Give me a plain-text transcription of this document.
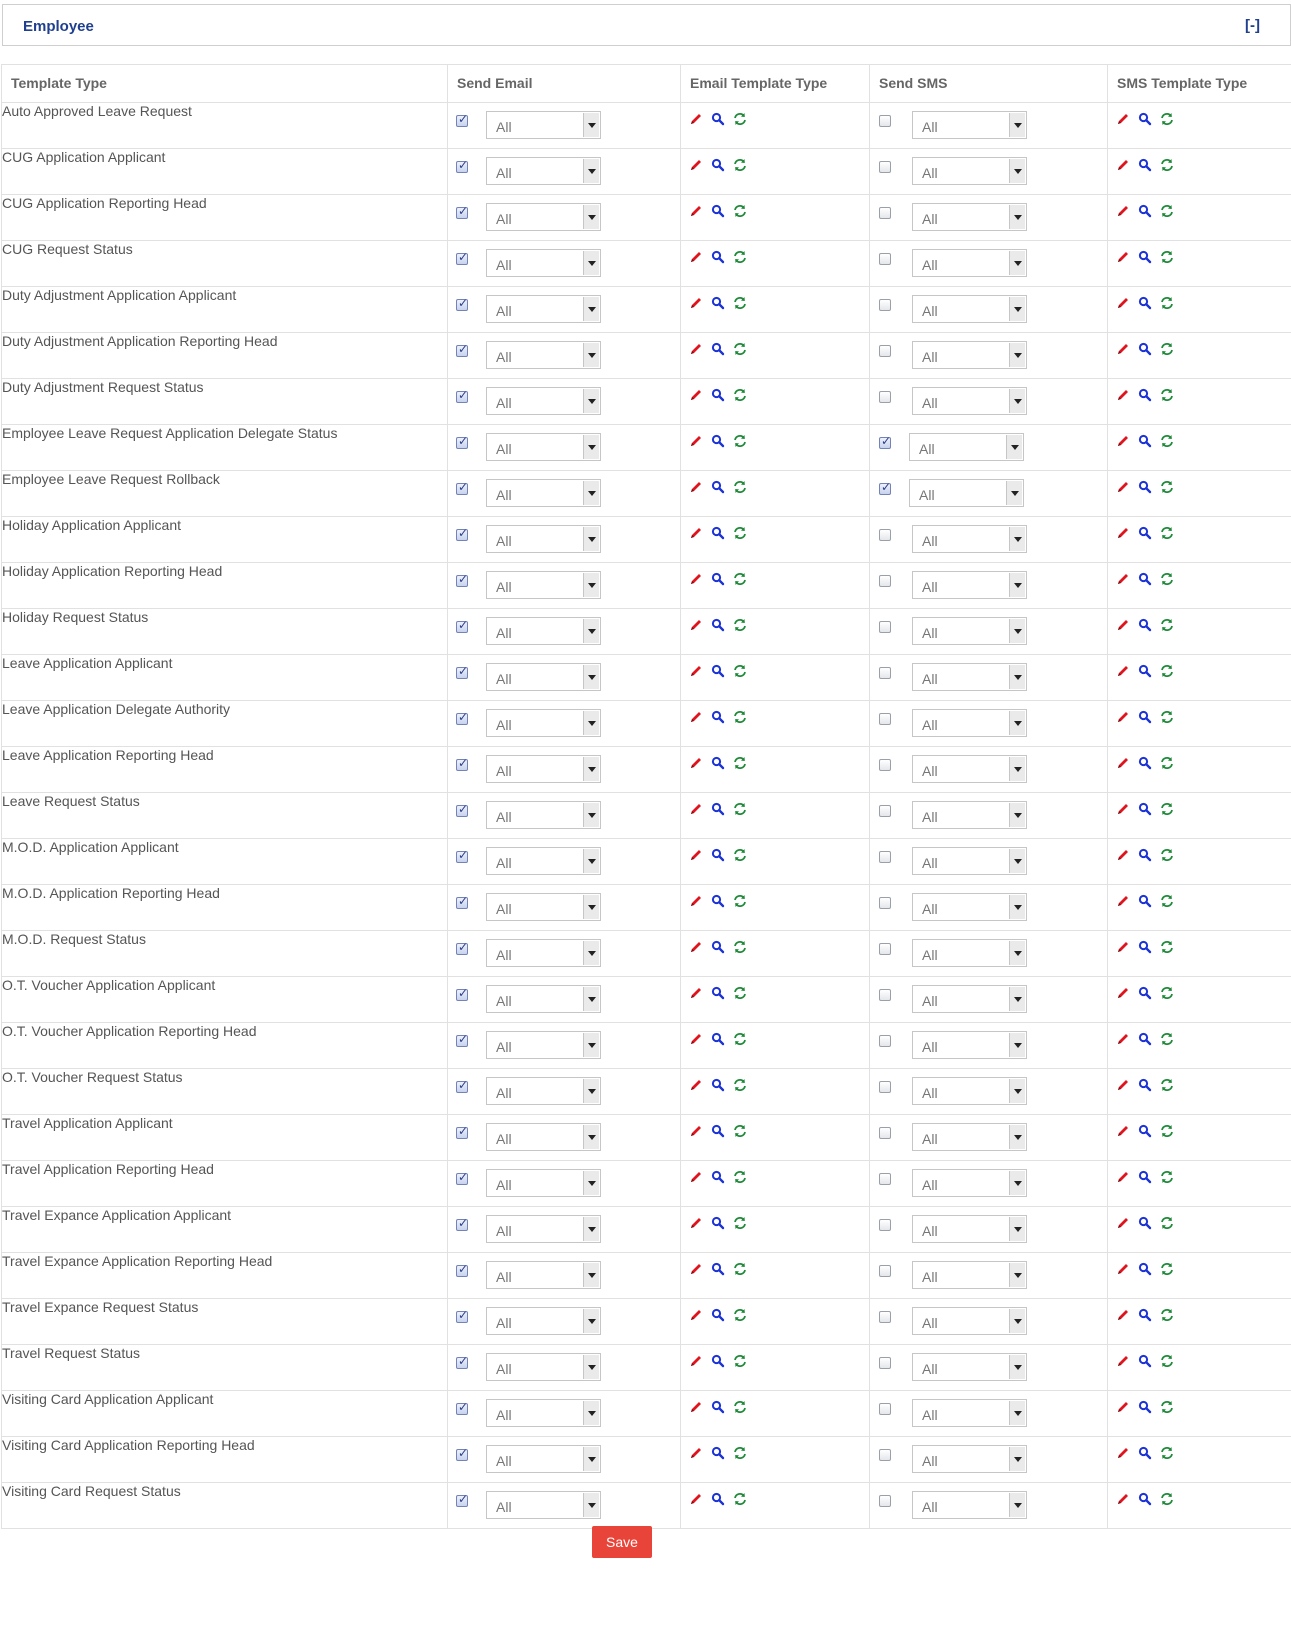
Employee	[-]
Template Type	Send Email	Email Template Type	Send SMS	SMS Template Type
Auto Approved Leave Request	✓ All		All

CUG Application Applicant	✓ All		All

CUG Application Reporting Head	✓ All		All

CUG Request Status	✓ All		All

Duty Adjustment Application Applicant	✓ All		All

Duty Adjustment Application Reporting Head	✓ All		All

Duty Adjustment Request Status	✓ All		All

Employee Leave Request Application Delegate Status	✓ All		✓ All

Employee Leave Request Rollback	✓ All		✓ All

Holiday Application Applicant	✓ All		All

Holiday Application Reporting Head	✓ All		All

Holiday Request Status	✓ All		All

Leave Application Applicant	✓ All		All

Leave Application Delegate Authority	✓ All		All

Leave Application Reporting Head	✓ All		All

Leave Request Status	✓ All		All

M.O.D. Application Applicant	✓ All		All

M.O.D. Application Reporting Head	✓ All		All

M.O.D. Request Status	✓ All		All

O.T. Voucher Application Applicant	✓ All		All

O.T. Voucher Application Reporting Head	✓ All		All

O.T. Voucher Request Status	✓ All		All

Travel Application Applicant	✓ All		All

Travel Application Reporting Head	✓ All		All

Travel Expance Application Applicant	✓ All		All

Travel Expance Application Reporting Head	✓ All		All

Travel Expance Request Status	✓ All		All

Travel Request Status	✓ All		All

Visiting Card Application Applicant	✓ All		All

Visiting Card Application Reporting Head	✓ All		All

Visiting Card Request Status	✓ All		All

Save
